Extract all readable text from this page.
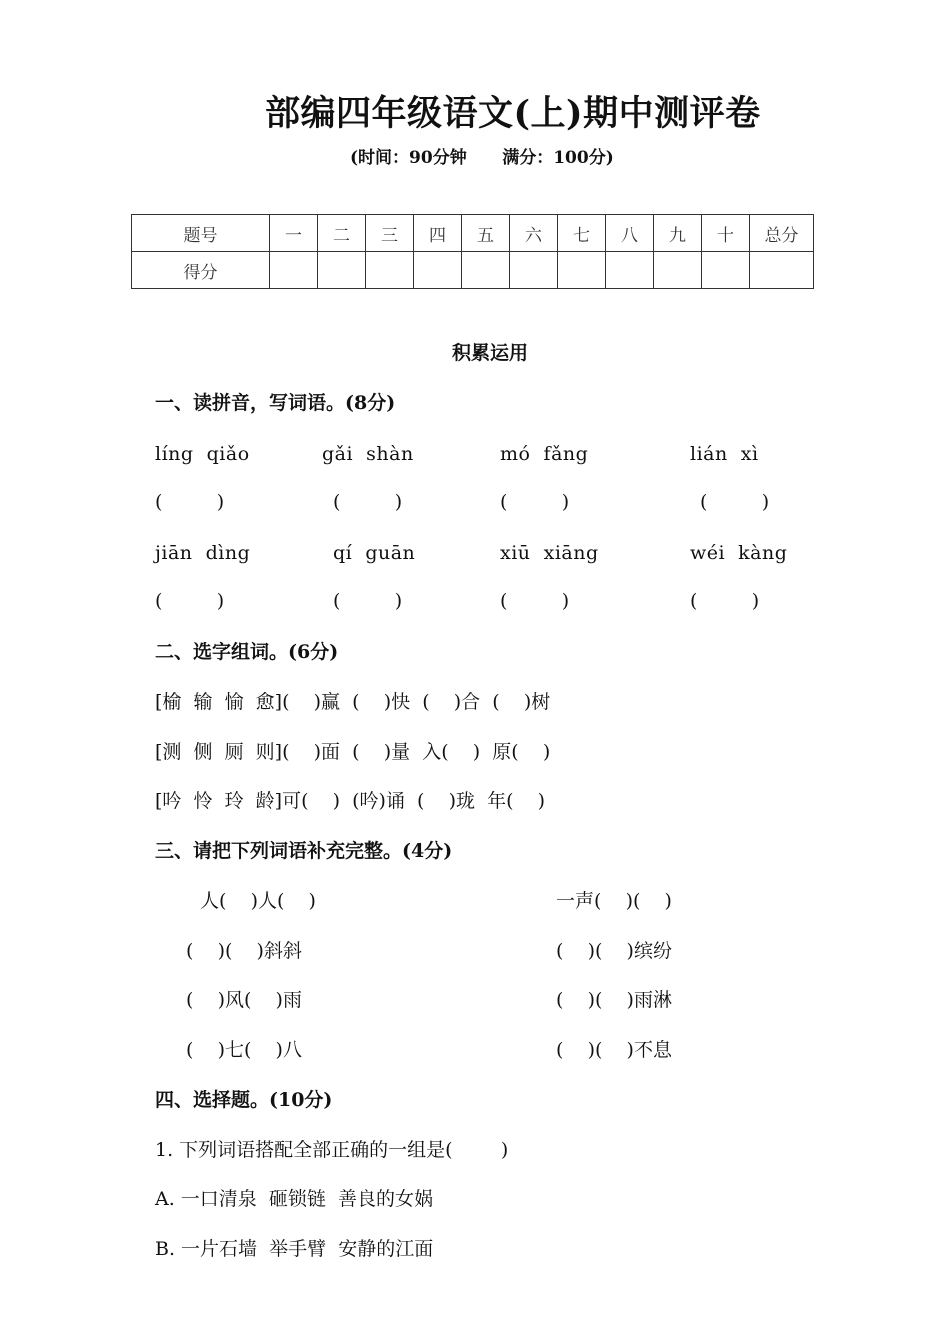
部编四年级语文(上)期中测评卷
(时间：90分钟      满分：100分)
题号	一	二	三	四	五	六	七	八	九	十	总分
得分											
积累运用
一、读拼音，写词语。(8分)
líng  qiǎo	gǎi  shàn	mó  fǎng	lián  xì
(         )	(         )	(         )	(         )
jiān  dìng	qí  guān	xiū  xiāng	wéi  kàng
(         )	(         )	(         )	(         )
二、选字组词。(6分)
[榆  输  愉  愈](    )赢  (    )快  (    )合  (    )树
[测  侧  厕  则](    )面  (    )量  入(    )  原(    )
[吟  怜  玲  龄]可(    )  (吟)诵  (    )珑  年(    )
三、请把下列词语补充完整。(4分)
人(    )人(    )	一声(    )(    )
(    )(    )斜斜	(    )(    )缤纷
(    )风(    )雨	(    )(    )雨淋
(    )七(    )八	(    )(    )不息
四、选择题。(10分)
1. 下列词语搭配全部正确的一组是(        )
A. 一口清泉  砸锁链  善良的女娲
B. 一片石墙  举手臂  安静的江面
